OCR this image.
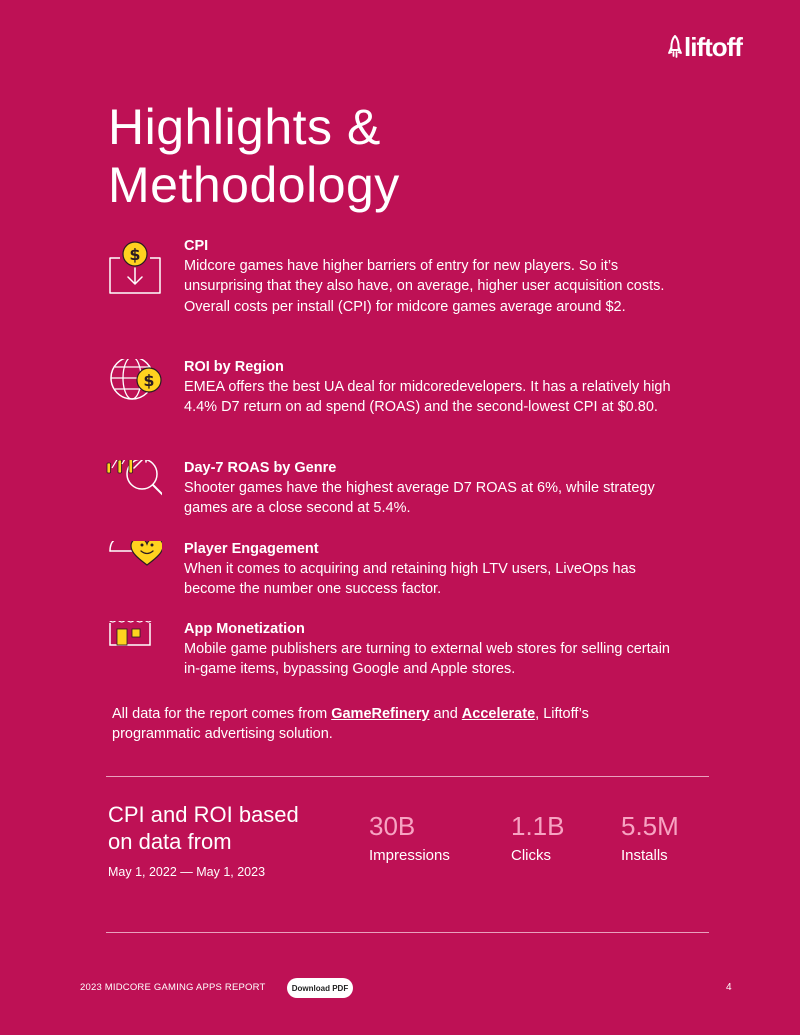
liftoff
Highlights &
Methodology
$	CPI
Midcore games have higher barriers of entry for new players. So it’s unsurprising that they also have, on average, higher user acquisition costs. Overall costs per install (CPI) for midcore games average around $2.
$
ROI by Region
EMEA offers the best UA deal for midcoredevelopers. It has a relatively high 4.4% D7 return on ad spend (ROAS) and the second-lowest CPI at $0.80.
Day-7 ROAS by Genre
Shooter games have the highest average D7 ROAS at 6%, while strategy games are a close second at 5.4%.
Player Engagement
When it comes to acquiring and retaining high LTV users, LiveOps has become the number one success factor.
App Monetization
Mobile game publishers are turning to external web stores for selling certain in-game items, bypassing Google and Apple stores.

All data for the report comes from GameRefinery and Accelerate, Liftoff’s programmatic advertising solution.

CPI and ROI based
on data from
May 1, 2022 — May 1, 2023
30B
Impressions
1.1B
Clicks
5.5M
Installs
2023 MIDCORE GAMING APPS REPORT	Download PDF	4
